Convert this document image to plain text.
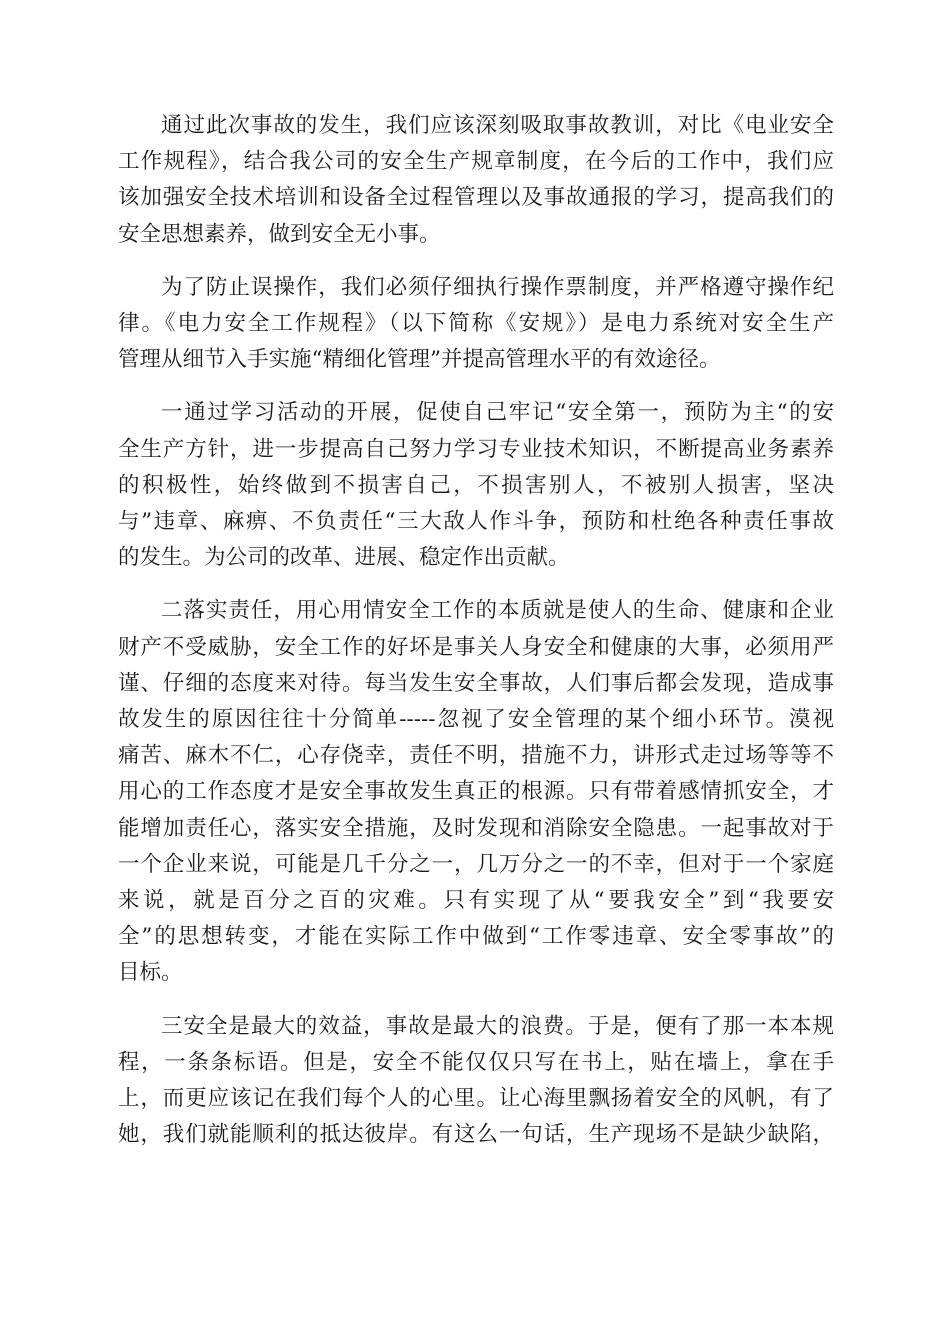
通过此次事故的发生，我们应该深刻吸取事故教训，对比《电业安全
工作规程》，结合我公司的安全生产规章制度，在今后的工作中，我们应
该加强安全技术培训和设备全过程管理以及事故通报的学习，提高我们的
安全思想素养，做到安全无小事。

为了防止误操作，我们必须仔细执行操作票制度，并严格遵守操作纪
律。《电力安全工作规程》（以下简称《安规》）是电力系统对安全生产
管理从细节入手实施“精细化管理”并提高管理水平的有效途径。

一通过学习活动的开展，促使自己牢记“安全第一，预防为主“的安
全生产方针，进一步提高自己努力学习专业技术知识，不断提高业务素养
的积极性，始终做到不损害自己，不损害别人，不被别人损害，坚决
与”违章、麻痹、不负责任“三大敌人作斗争，预防和杜绝各种责任事故
的发生。为公司的改革、进展、稳定作出贡献。

二落实责任，用心用情安全工作的本质就是使人的生命、健康和企业
财产不受威胁，安全工作的好坏是事关人身安全和健康的大事，必须用严
谨、仔细的态度来对待。每当发生安全事故，人们事后都会发现，造成事
故发生的原因往往十分简单-----忽视了安全管理的某个细小环节。漠视
痛苦、麻木不仁，心存侥幸，责任不明，措施不力，讲形式走过场等等不
用心的工作态度才是安全事故发生真正的根源。只有带着感情抓安全，才
能增加责任心，落实安全措施，及时发现和消除安全隐患。一起事故对于
一个企业来说，可能是几千分之一，几万分之一的不幸，但对于一个家庭
来说，就是百分之百的灾难。只有实现了从“要我安全”到“我要安
全”的思想转变，才能在实际工作中做到“工作零违章、安全零事故”的
目标。

三安全是最大的效益，事故是最大的浪费。于是，便有了那一本本规
程，一条条标语。但是，安全不能仅仅只写在书上，贴在墙上，拿在手
上，而更应该记在我们每个人的心里。让心海里飘扬着安全的风帆，有了
她，我们就能顺利的抵达彼岸。有这么一句话，生产现场不是缺少缺陷，
